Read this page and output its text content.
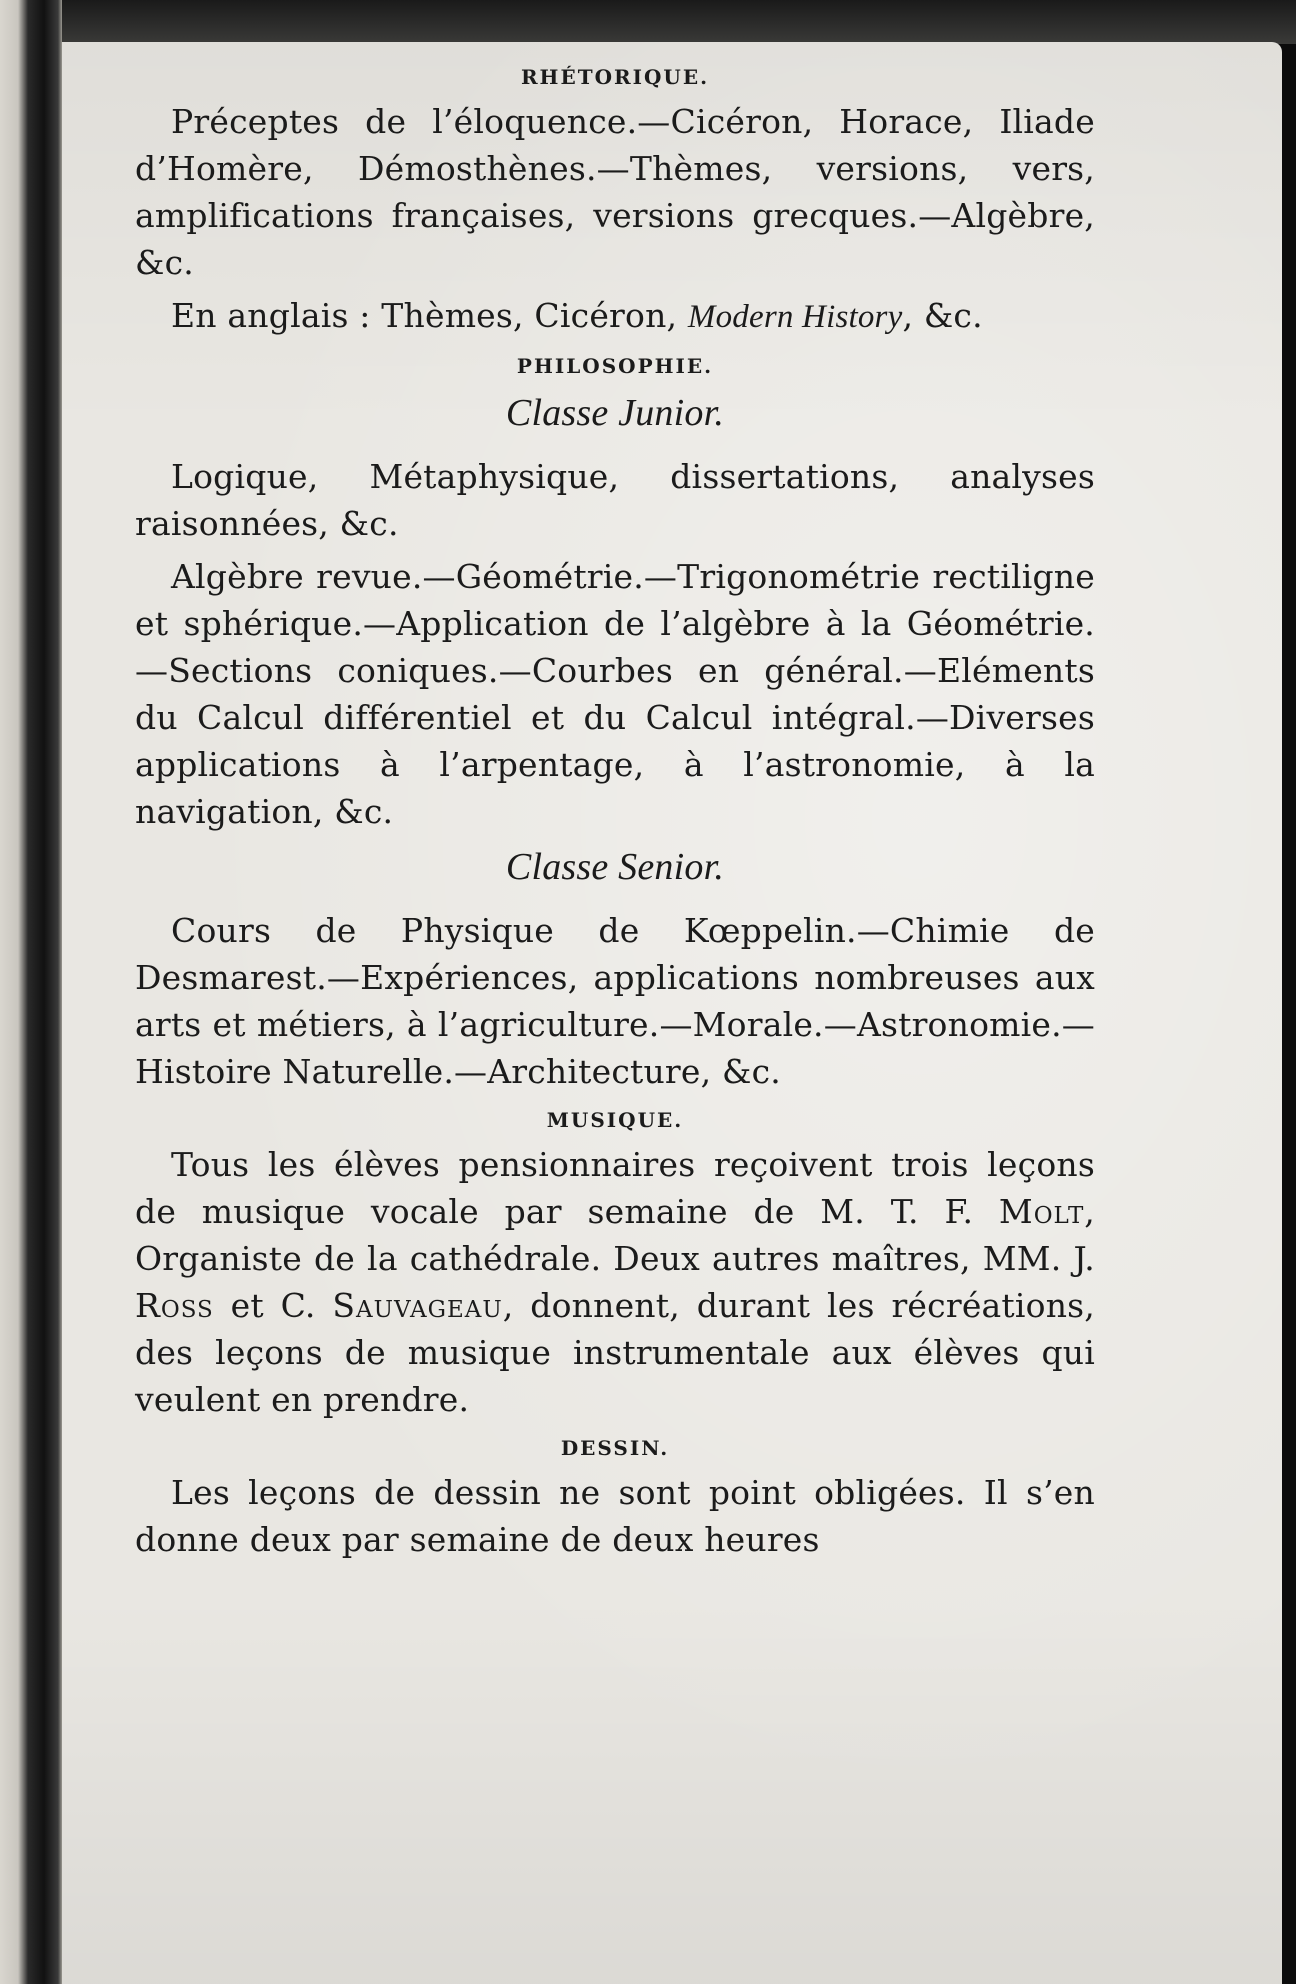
RHÉTORIQUE.

Préceptes de l’éloquence.—Cicéron, Horace, Iliade d’Homère, Démosthènes.—Thèmes, versions, vers, amplifications françaises, versions grecques.—Algèbre, &c.

En anglais : Thèmes, Cicéron, Modern History, &c.

PHILOSOPHIE.
Classe Junior.

Logique, Métaphysique, dissertations, analyses raisonnées, &c.

Algèbre revue.—Géométrie.—Trigonométrie rectiligne et sphérique.—Application de l’algèbre à la Géométrie.—Sections coniques.—Courbes en général.—Eléments du Calcul différentiel et du Calcul intégral.—Diverses applications à l’arpentage, à l’astronomie, à la navigation, &c.

Classe Senior.

Cours de Physique de Kœppelin.—Chimie de Desmarest.—Expériences, applications nombreuses aux arts et métiers, à l’agriculture.—Morale.—Astronomie.—Histoire Naturelle.—Architecture, &c.

MUSIQUE.

Tous les élèves pensionnaires reçoivent trois leçons de musique vocale par semaine de M. T. F. Molt, Organiste de la cathédrale. Deux autres maîtres, MM. J. Ross et C. Sauvageau, donnent, durant les récréations, des leçons de musique instrumentale aux élèves qui veulent en prendre.

DESSIN.

Les leçons de dessin ne sont point obligées. Il s’en donne deux par semaine de deux heures
